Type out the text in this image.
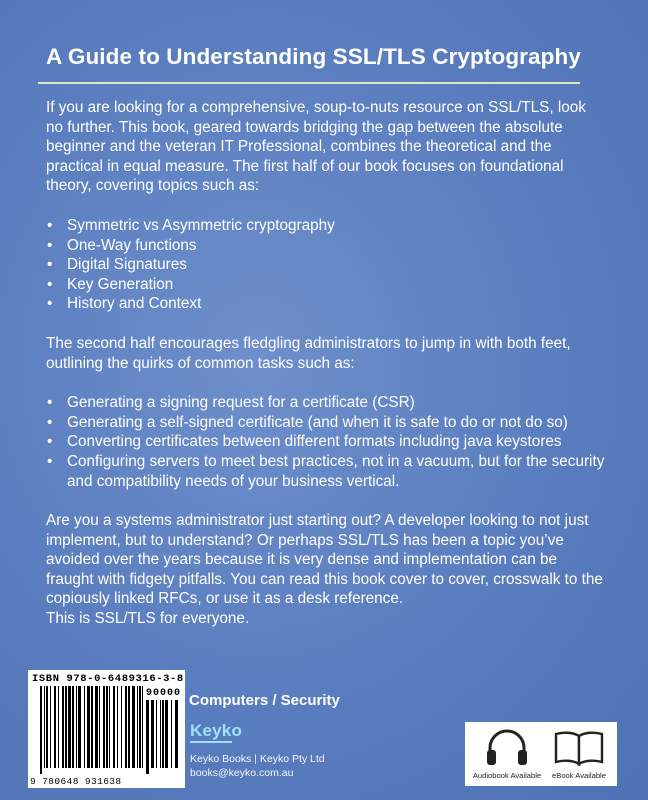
A Guide to Understanding SSL/TLS Cryptography

If you are looking for a comprehensive, soup-to-nuts resource on SSL/TLS, look no further. This book, geared towards bridging the gap between the absolute beginner and the veteran IT Professional, combines the theoretical and the practical in equal measure. The first half of our book focuses on foundational theory, covering topics such as:

• Symmetric vs Asymmetric cryptography
• One-Way functions
• Digital Signatures
• Key Generation
• History and Context

The second half encourages fledgling administrators to jump in with both feet, outlining the quirks of common tasks such as:

• Generating a signing request for a certificate (CSR)
• Generating a self-signed certificate (and when it is safe to do or not do so)
• Converting certificates between different formats including java keystores
• Configuring servers to meet best practices, not in a vacuum, but for the security and compatibility needs of your business vertical.

Are you a systems administrator just starting out? A developer looking to not just implement, but to understand? Or perhaps SSL/TLS has been a topic you’ve avoided over the years because it is very dense and implementation can be fraught with fidgety pitfalls. You can read this book cover to cover, crosswalk to the copiously linked RFCs, or use it as a desk reference.

This is SSL/TLS for everyone.

ISBN 978-0-6489316-3-8
90000
9 780648 931638
Computers / Security
Keyko
Keyko Books | Keyko Pty Ltd
books@keyko.com.au	Audiobook Available	eBook Available
